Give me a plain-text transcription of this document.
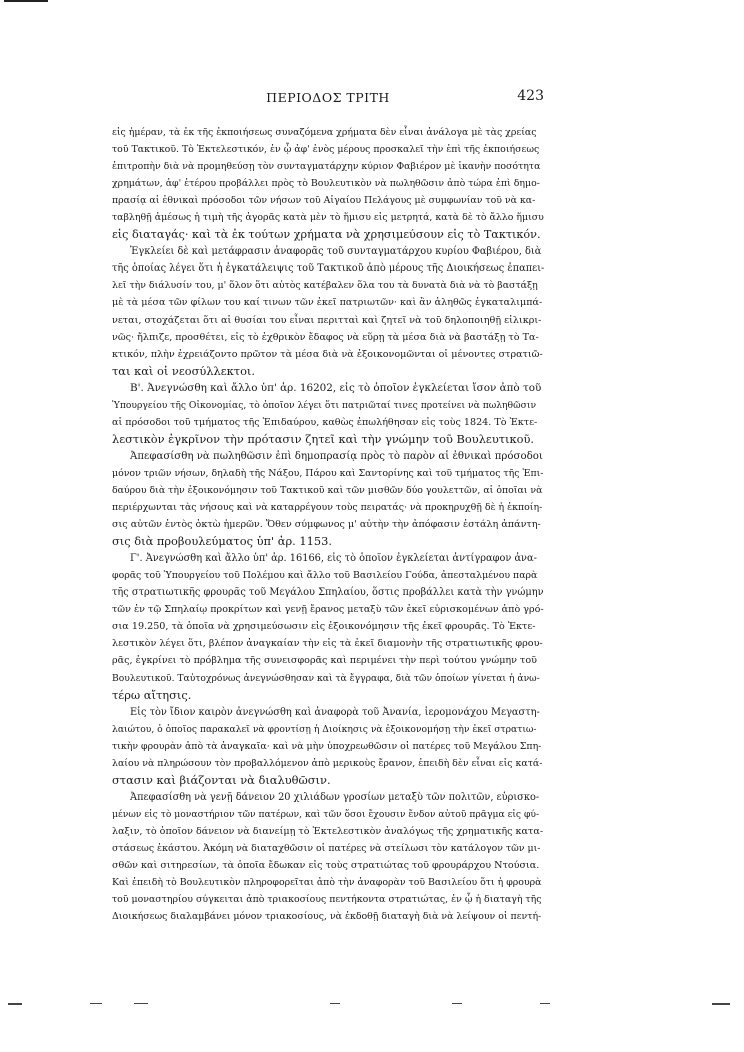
ΠΕΡΙΟΔΟΣ ΤΡΙΤΗ	423
εἰς ἡμέραν, τὰ ἐκ τῆς ἐκποιήσεως συναζόμενα χρήματα δὲν εἶναι ἀνάλογα μὲ τὰς χρείας
τοῦ Τακτικοῦ. Τὸ Ἐκτελεστικόν, ἐν ᾧ ἀφ' ἑνὸς μέρους προσκαλεῖ τὴν ἐπὶ τῆς ἐκποιήσεως
ἐπιτροπὴν διὰ νὰ προμηθεύσῃ τὸν συνταγματάρχην κύριον Φαβιέρον μὲ ἱκανὴν ποσότητα
χρημάτων, ἀφ' ἑτέρου προβάλλει πρὸς τὸ Βουλευτικὸν νὰ πωληθῶσιν ἀπὸ τώρα ἐπὶ δημο-
πρασίᾳ αἱ ἐθνικαὶ πρόσοδοι τῶν νήσων τοῦ Αἰγαίου Πελάγους μὲ συμφωνίαν τοῦ νὰ κα-
ταβληθῇ ἀμέσως ἡ τιμὴ τῆς ἀγορᾶς κατὰ μὲν τὸ ἥμισυ εἰς μετρητά, κατὰ δὲ τὸ ἄλλο ἥμισυ
εἰς διαταγάς· καὶ τὰ ἐκ τούτων χρήματα νὰ χρησιμεύσουν εἰς τὸ Τακτικόν.
Ἐγκλείει δὲ καὶ μετάφρασιν ἀναφορᾶς τοῦ συνταγματάρχου κυρίου Φαβιέρου, διὰ
τῆς ὁποίας λέγει ὅτι ἡ ἐγκατάλειψις τοῦ Τακτικοῦ ἀπὸ μέρους τῆς Διοικήσεως ἐπαπει-
λεῖ τὴν διάλυσίν του, μ' ὅλον ὅτι αὐτὸς κατέβαλεν ὅλα του τὰ δυνατὰ διὰ νὰ τὸ βαστάξῃ
μὲ τὰ μέσα τῶν φίλων του καί τινων τῶν ἐκεῖ πατριωτῶν· καὶ ἂν ἀληθῶς ἐγκαταλιμπά-
νεται, στοχάζεται ὅτι αἱ θυσίαι του εἶναι περιτταὶ καὶ ζητεῖ νὰ τοῦ δηλοποιηθῇ εἰλικρι-
νῶς· ἤλπιζε, προσθέτει, εἰς τὸ ἐχθρικὸν ἔδαφος νὰ εὕρῃ τὰ μέσα διὰ νὰ βαστάξῃ τὸ Τα-
κτικόν, πλὴν ἐχρειάζοντο πρῶτον τὰ μέσα διὰ νὰ ἐξοικονομῶνται οἱ μένοντες στρατιῶ-
ται καὶ οἱ νεοσύλλεκτοι.
Β'. Ἀνεγνώσθη καὶ ἄλλο ὑπ' ἀρ. 16202, εἰς τὸ ὁποῖον ἐγκλείεται ἴσον ἀπὸ τοῦ
Ὑπουργείου τῆς Οἰκονομίας, τὸ ὁποῖον λέγει ὅτι πατριῶταί τινες προτείνει νὰ πωληθῶσιν
αἱ πρόσοδοι τοῦ τμήματος τῆς Ἐπιδαύρου, καθὼς ἐπωλήθησαν εἰς τοὺς 1824. Τὸ Ἐκτε-
λεστικὸν ἐγκρῖνον τὴν πρότασιν ζητεῖ καὶ τὴν γνώμην τοῦ Βουλευτικοῦ.
Ἀπεφασίσθη νὰ πωληθῶσιν ἐπὶ δημοπρασίᾳ πρὸς τὸ παρὸν αἱ ἐθνικαὶ πρόσοδοι
μόνον τριῶν νήσων, δηλαδὴ τῆς Νάξου, Πάρου καὶ Σαντορίνης καὶ τοῦ τμήματος τῆς Ἐπι-
δαύρου διὰ τὴν ἐξοικονόμησιν τοῦ Τακτικοῦ καὶ τῶν μισθῶν δύο γουλεττῶν, αἱ ὁποῖαι νὰ
περιέρχωνται τὰς νήσους καὶ νὰ καταρρέγουν τοὺς πειρατάς· νὰ προκηρυχθῇ δὲ ἡ ἐκποίη-
σις αὐτῶν ἐντὸς ὀκτὼ ἡμερῶν. Ὅθεν σύμφωνος μ' αὐτὴν τὴν ἀπόφασιν ἐστάλη ἀπάντη-
σις διὰ προβουλεύματος ὑπ' ἀρ. 1153.
Γ'. Ἀνεγνώσθη καὶ ἄλλο ὑπ' ἀρ. 16166, εἰς τὸ ὁποῖον ἐγκλείεται ἀντίγραφον ἀνα-
φορᾶς τοῦ Ὑπουργείου τοῦ Πολέμου καὶ ἄλλο τοῦ Βασιλείου Γούδα, ἀπεσταλμένου παρὰ
τῆς στρατιωτικῆς φρουρᾶς τοῦ Μεγάλου Σπηλαίου, ὅστις προβάλλει κατὰ τὴν γνώμην
τῶν ἐν τῷ Σπηλαίῳ προκρίτων καὶ γενῇ ἔρανος μεταξὺ τῶν ἐκεῖ εὑρισκομένων ἀπὸ γρό-
σια 19.250, τὰ ὁποῖα νὰ χρησιμεύσωσιν εἰς ἐξοικονόμησιν τῆς ἐκεῖ φρουρᾶς. Τὸ Ἐκτε-
λεστικὸν λέγει ὅτι, βλέπον ἀναγκαίαν τὴν εἰς τὰ ἐκεῖ διαμονὴν τῆς στρατιωτικῆς φρου-
ρᾶς, ἐγκρίνει τὸ πρόβλημα τῆς συνεισφορᾶς καὶ περιμένει τὴν περὶ τούτου γνώμην τοῦ
Βουλευτικοῦ. Ταὐτοχρόνως ἀνεγνώσθησαν καὶ τὰ ἔγγραφα, διὰ τῶν ὁποίων γίνεται ἡ ἀνω-
τέρω αἴτησις.
Εἰς τὸν ἴδιον καιρὸν ἀνεγνώσθη καὶ ἀναφορὰ τοῦ Ἀνανία, ἱερομονάχου Μεγαστη-
λαιώτου, ὁ ὁποῖος παρακαλεῖ νὰ φροντίσῃ ἡ Διοίκησις νὰ ἐξοικονομήσῃ τὴν ἐκεῖ στρατιω-
τικὴν φρουρὰν ἀπὸ τὰ ἀναγκαῖα· καὶ νὰ μὴν ὑποχρεωθῶσιν οἱ πατέρες τοῦ Μεγάλου Σπη-
λαίου νὰ πληρώσουν τὸν προβαλλόμενον ἀπὸ μερικοὺς ἔρανον, ἐπειδὴ δὲν εἶναι εἰς κατά-
στασιν καὶ βιάζονται νὰ διαλυθῶσιν.
Ἀπεφασίσθη νὰ γενῇ δάνειον 20 χιλιάδων γροσίων μεταξὺ τῶν πολιτῶν, εὑρισκο-
μένων εἰς τὸ μοναστήριον τῶν πατέρων, καὶ τῶν ὅσοι ἔχουσιν ἔνδον αὐτοῦ πρᾶγμα εἰς φύ-
λαξιν, τὸ ὁποῖον δάνειον νὰ διανείμῃ τὸ Ἐκτελεστικὸν ἀναλόγως τῆς χρηματικῆς κατα-
στάσεως ἑκάστου. Ἀκόμη νὰ διαταχθῶσιν οἱ πατέρες νὰ στείλωσι τὸν κατάλογον τῶν μι-
σθῶν καὶ σιτηρεσίων, τὰ ὁποῖα ἔδωκαν εἰς τοὺς στρατιώτας τοῦ φρουράρχου Ντούσια.
Καὶ ἐπειδὴ τὸ Βουλευτικὸν πληροφορεῖται ἀπὸ τὴν ἀναφορὰν τοῦ Βασιλείου ὅτι ἡ φρουρὰ
τοῦ μοναστηρίου σύγκειται ἀπὸ τριακοσίους πεντήκοντα στρατιώτας, ἐν ᾧ ἡ διαταγὴ τῆς
Διοικήσεως διαλαμβάνει μόνον τριακοσίους, νὰ ἐκδοθῇ διαταγὴ διὰ νὰ λείψουν οἱ πεντή-
